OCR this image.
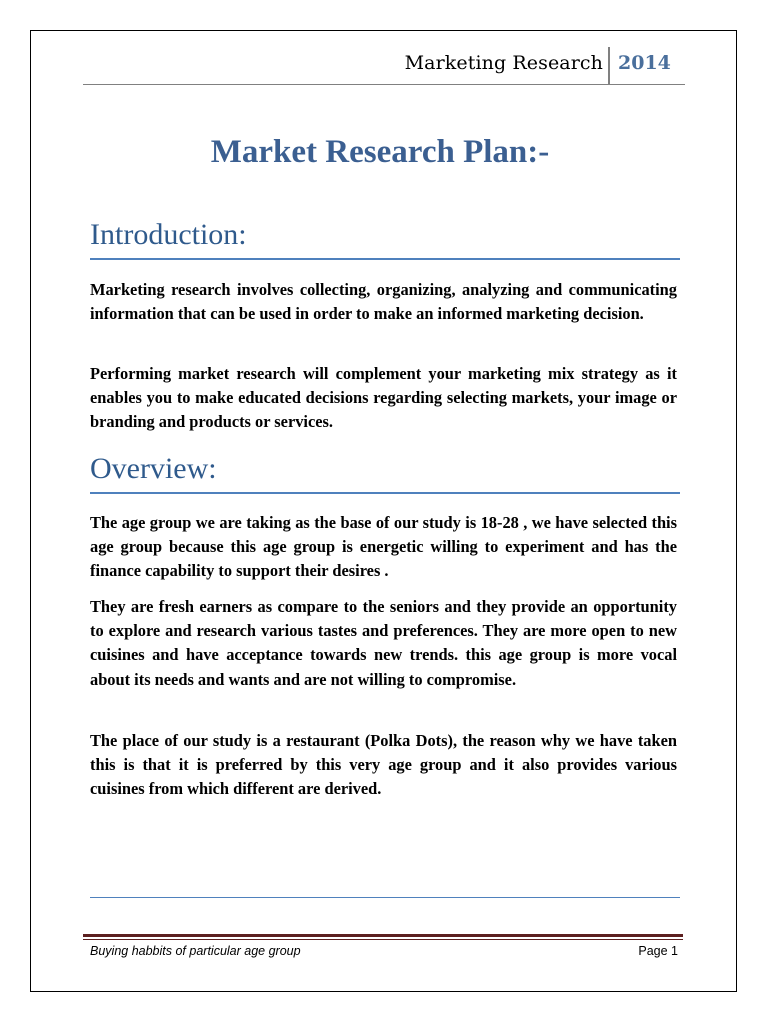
Marketing Research 2014
Market Research Plan:-
Introduction:

Marketing research involves collecting, organizing, analyzing and communicating information that can be used in order to make an informed marketing decision.

Performing market research will complement your marketing mix strategy as it enables you to make educated decisions regarding selecting markets, your image or branding and products or services.

Overview:

The age group we are taking as the base of our study is 18-28 , we have selected this age group because this age group is energetic willing to experiment and has the finance capability to support their desires .

They are fresh earners as compare to the seniors and they provide an opportunity to explore and research various tastes and preferences. They are more open to new cuisines and have acceptance towards new trends. this age group is more vocal about its needs and wants and are not willing to compromise.

The place of our study is a restaurant (Polka Dots), the reason why we have taken this is that it is preferred by this very age group and it also provides various cuisines from which different are derived.

Buying habbits of particular age group	Page 1
